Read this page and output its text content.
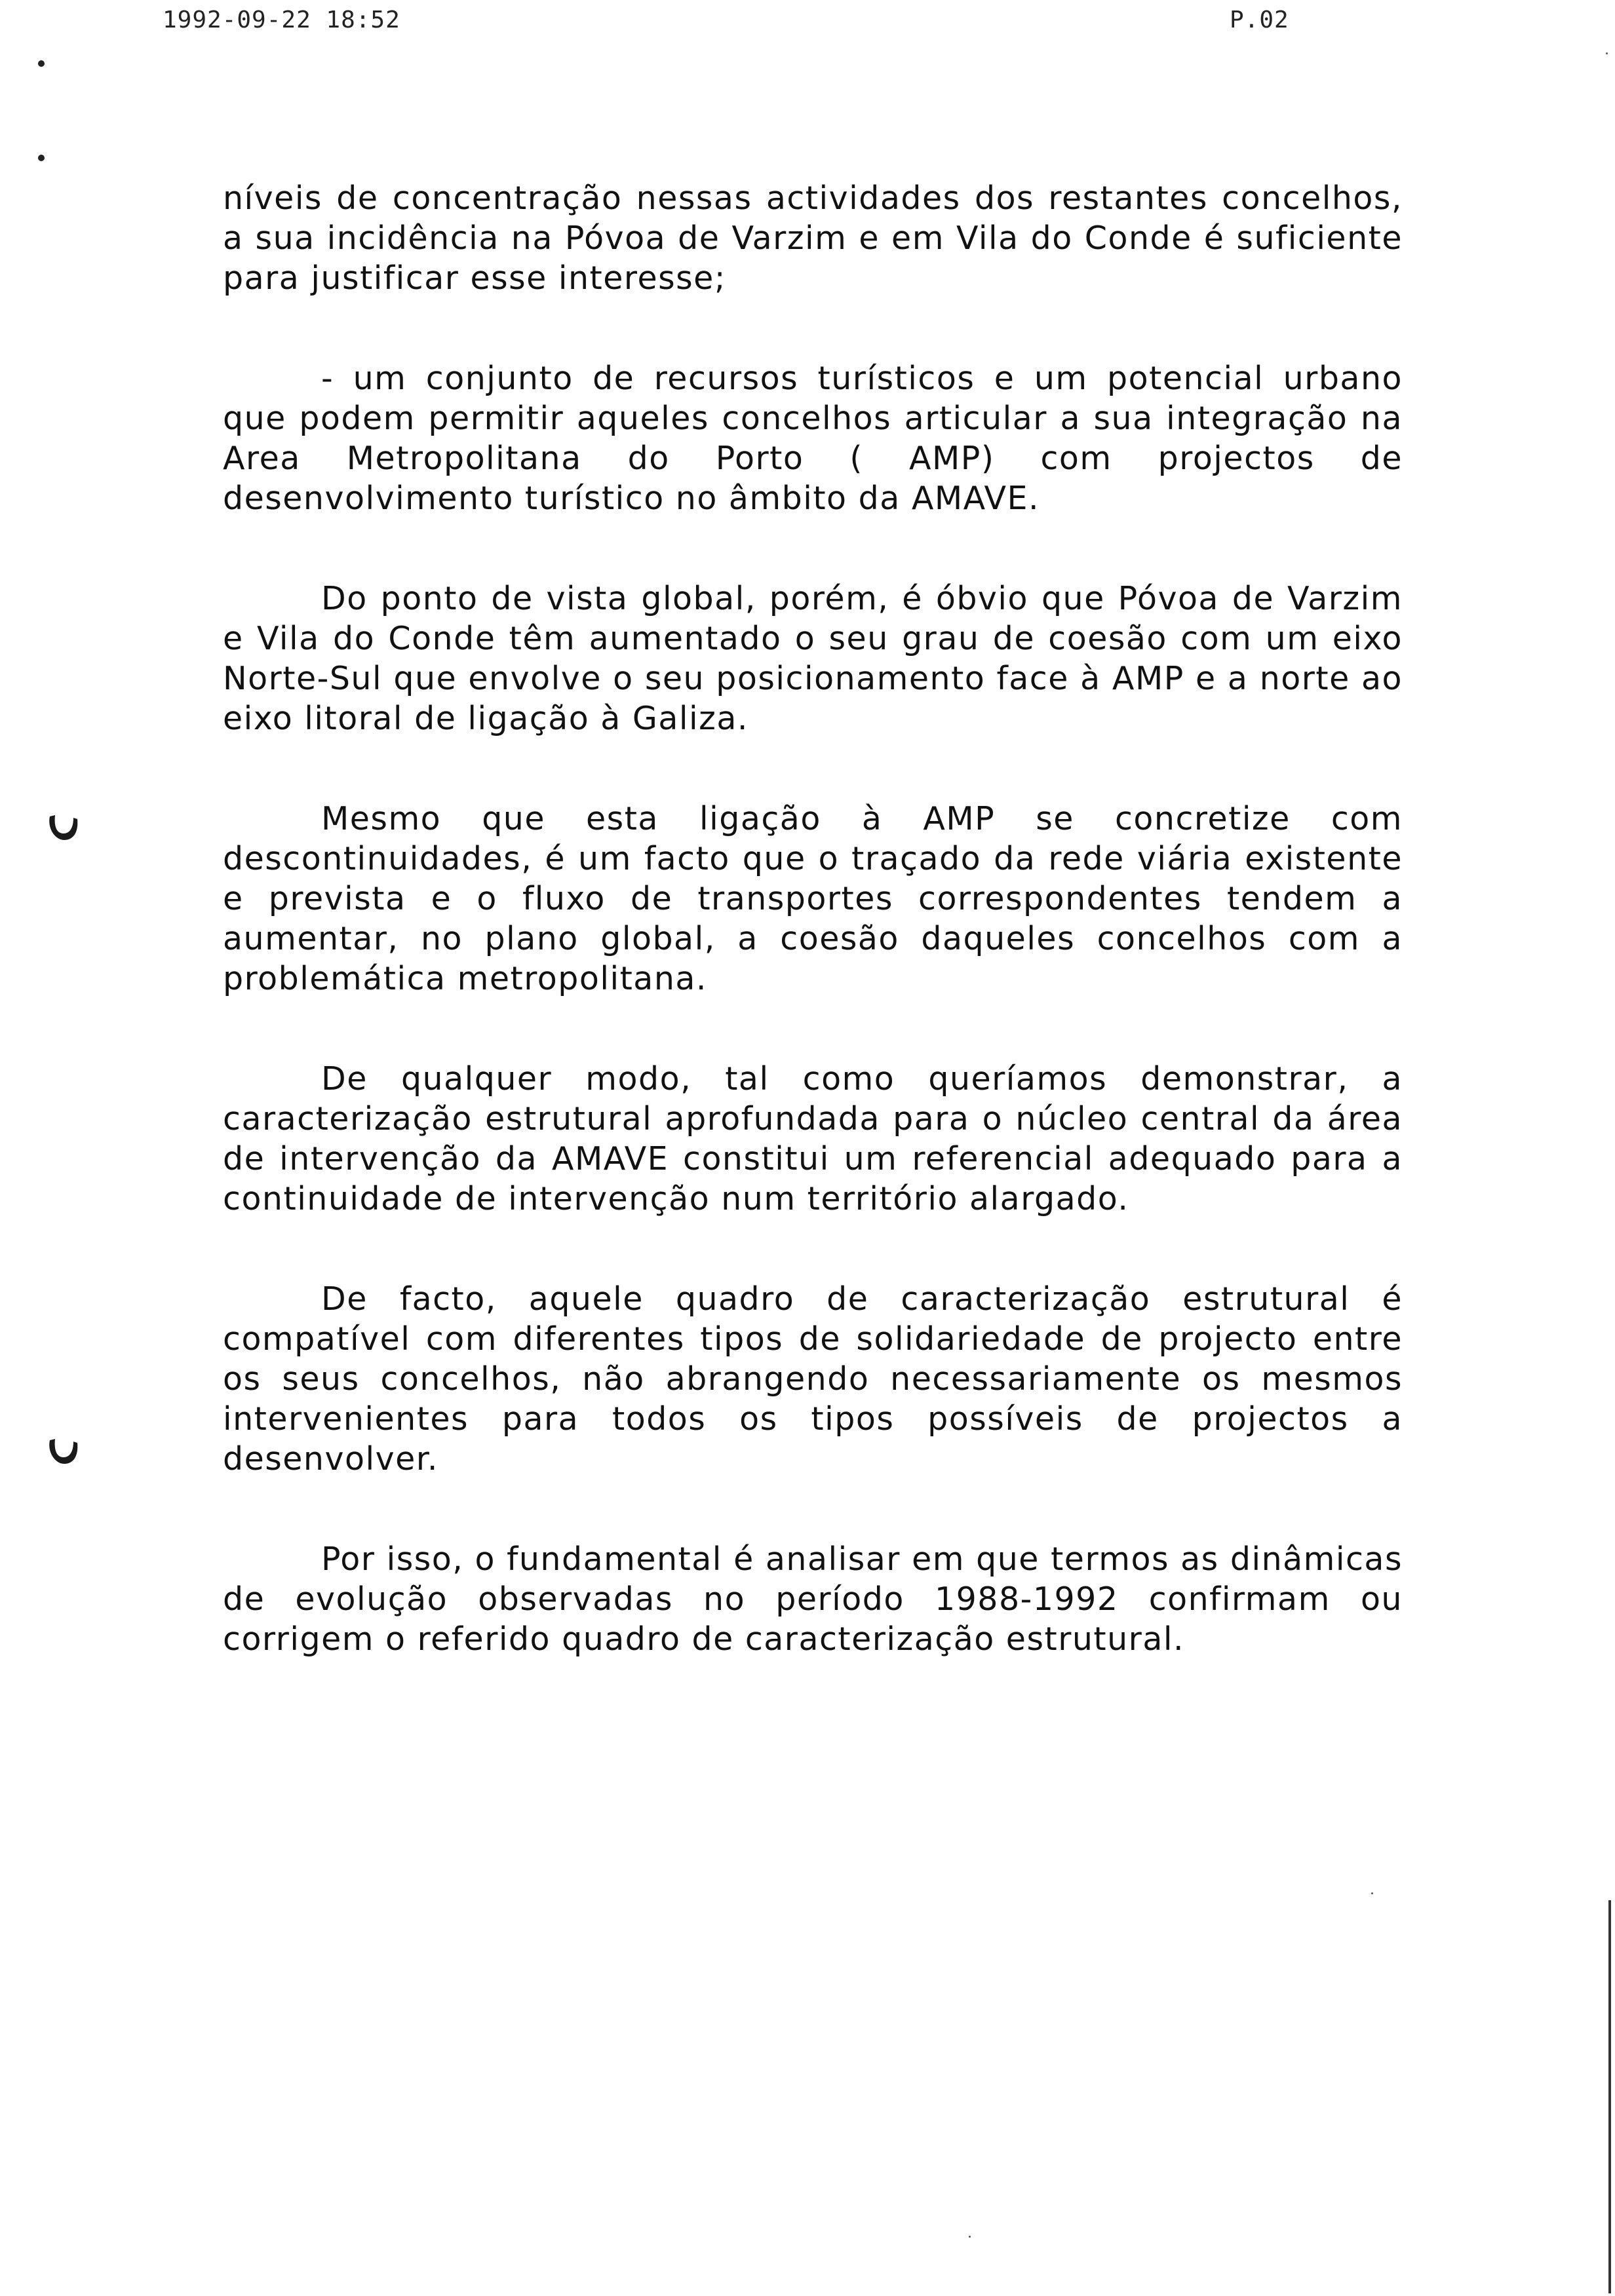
1992-09-22 18:52	P.02

níveis de concentração nessas actividades dos restantes concelhos, a sua incidência na Póvoa de Varzim e em Vila do Conde é suficiente para justificar esse interesse;

- um conjunto de recursos turísticos e um potencial urbano que podem permitir aqueles concelhos articular a sua integração na Area Metropolitana do Porto ( AMP) com projectos de desenvolvimento turístico no âmbito da AMAVE.

Do ponto de vista global, porém, é óbvio que Póvoa de Varzim e Vila do Conde têm aumentado o seu grau de coesão com um eixo Norte-Sul que envolve o seu posicionamento face à AMP e a norte ao eixo litoral de ligação à Galiza.

Mesmo que esta ligação à AMP se concretize com descontinuidades, é um facto que o traçado da rede viária existente e prevista e o fluxo de transportes correspondentes tendem a aumentar, no plano global, a coesão daqueles concelhos com a problemática metropolitana.

De qualquer modo, tal como queríamos demonstrar, a caracterização estrutural aprofundada para o núcleo central da área de intervenção da AMAVE constitui um referencial adequado para a continuidade de intervenção num território alargado.

De facto, aquele quadro de caracterização estrutural é compatível com diferentes tipos de solidariedade de projecto entre os seus concelhos, não abrangendo necessariamente os mesmos intervenientes para todos os tipos possíveis de projectos a desenvolver.

Por isso, o fundamental é analisar em que termos as dinâmicas de evolução observadas no período 1988-1992 confirmam ou corrigem o referido quadro de caracterização estrutural.
